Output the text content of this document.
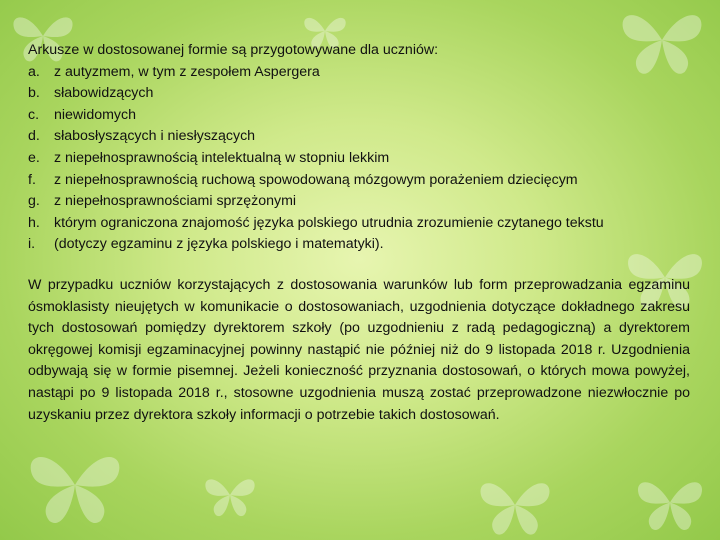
Arkusze w dostosowanej formie są przygotowywane dla uczniów:

a. z autyzmem, w tym z zespołem Aspergera
b. słabowidzących
c.	niewidomych
d. słabosłyszących i niesłyszących
e. z niepełnosprawnością intelektualną w stopniu lekkim
f.	z niepełnosprawnością ruchową spowodowaną mózgowym porażeniem dziecięcym
g. z niepełnosprawnościami sprzężonymi
h. którym ograniczona znajomość języka polskiego utrudnia zrozumienie czytanego tekstu
i.	(dotyczy egzaminu z języka polskiego i matematyki).

W przypadku uczniów korzystających z dostosowania warunków lub form przeprowadzania egzaminu ósmoklasisty nieujętych w komunikacie o dostosowaniach, uzgodnienia dotyczące dokładnego zakresu tych dostosowań pomiędzy dyrektorem szkoły (po uzgodnieniu z radą pedagogiczną) a dyrektorem okręgowej komisji egzaminacyjnej powinny nastąpić nie później niż do 9 listopada 2018 r. Uzgodnienia odbywają się w formie pisemnej. Jeżeli konieczność przyznania dostosowań, o których mowa powyżej, nastąpi po 9 listopada 2018 r., stosowne uzgodnienia muszą zostać przeprowadzone niezwłocznie po uzyskaniu przez dyrektora szkoły informacji o potrzebie takich dostosowań.
